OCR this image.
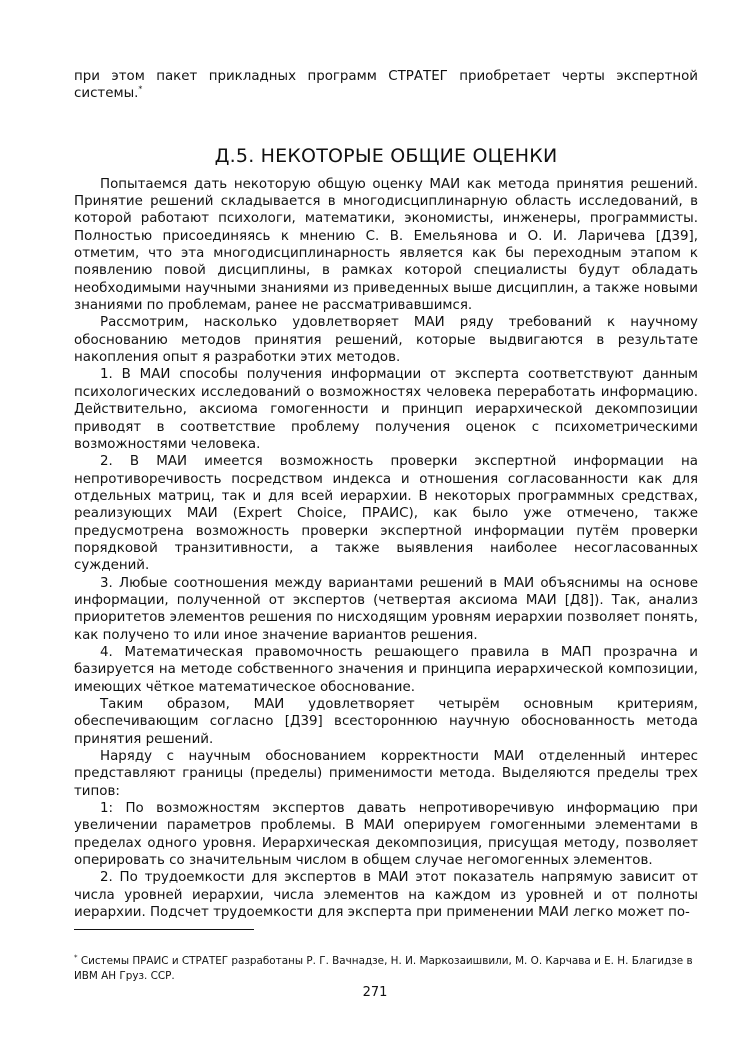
при этом пакет прикладных программ СТРАТЕГ приобретает черты экспертной системы.*

Д.5. НЕКОТОРЫЕ ОБЩИЕ ОЦЕНКИ

Попытаемся дать некоторую общую оценку МАИ как метода принятия решений. Принятие решений складывается в многодисциплинарную область исследований, в которой работают психологи, математики, экономисты, инженеры, программисты. Полностью присоединяясь к мнению С. В. Емельянова и О. И. Ларичева [Д39], отметим, что эта многодисциплинарность является как бы переходным этапом к появлению повой дисциплины, в рамках которой специалисты будут обладать необходимыми научными знаниями из приведенных выше дисциплин, а также новыми знаниями по проблемам, ранее не рассматривавшимся.

Рассмотрим, насколько удовлетворяет МАИ ряду требований к научному обоснованию методов принятия решений, которые выдвигаются в результате накопления опыт я разработки этих методов.

1. В МАИ способы получения информации от эксперта соответствуют данным психологических исследований о возможностях человека переработать информацию. Действительно, аксиома гомогенности и принцип иерархической декомпозиции приводят в соответствие проблему получения оценок с психометрическими возможностями человека.

2. В МАИ имеется возможность проверки экспертной информации на непротиворечивость посредством индекса и отношения согласованности как для отдельных матриц, так и для всей иерархии. В некоторых программных средствах, реализующих МАИ (Expert Choice, ПРАИС), как было уже отмечено, также предусмотрена возможность проверки экспертной информации путём проверки порядковой транзитивности, а также выявления наиболее несогласованных суждений.

3. Любые соотношения между вариантами решений в МАИ объяснимы на основе информации, полученной от экспертов (четвертая аксиома МАИ [Д8]). Так, анализ приоритетов элементов решения по нисходящим уровням иерархии позволяет понять, как получено то или иное значение вариантов решения.

4. Математическая правомочность решающего правила в МАП прозрачна и базируется на методе собственного значения и принципа иерархической композиции, имеющих чёткое математическое обоснование.

Таким образом, МАИ удовлетворяет четырём основным критериям, обеспечивающим согласно [Д39] всестороннюю научную обоснованность метода принятия решений.

Наряду с научным обоснованием корректности МАИ отделенный интерес представляют границы (пределы) применимости метода. Выделяются пределы трех типов:

1: По возможностям экспертов давать непротиворечивую информацию при увеличении параметров проблемы. В МАИ оперируем гомогенными элементами в пределах одного уровня. Иерархическая декомпозиция, присущая методу, позволяет оперировать со значительным числом в общем случае негомогенных элементов.

2. По трудоемкости для экспертов в МАИ этот показатель напрямую зависит от числа уровней иерархии, числа элементов на каждом из уровней и от полноты иерархии. Подсчет трудоемкости для эксперта при применении МАИ легко может по-

* Системы ПРАИС и СТРАТЕГ разработаны Р. Г. Вачнадзе, Н. И. Маркозаишвили, М. О. Карчава и Е. Н. Благидзе в ИВМ АН Груз. ССР.

271
